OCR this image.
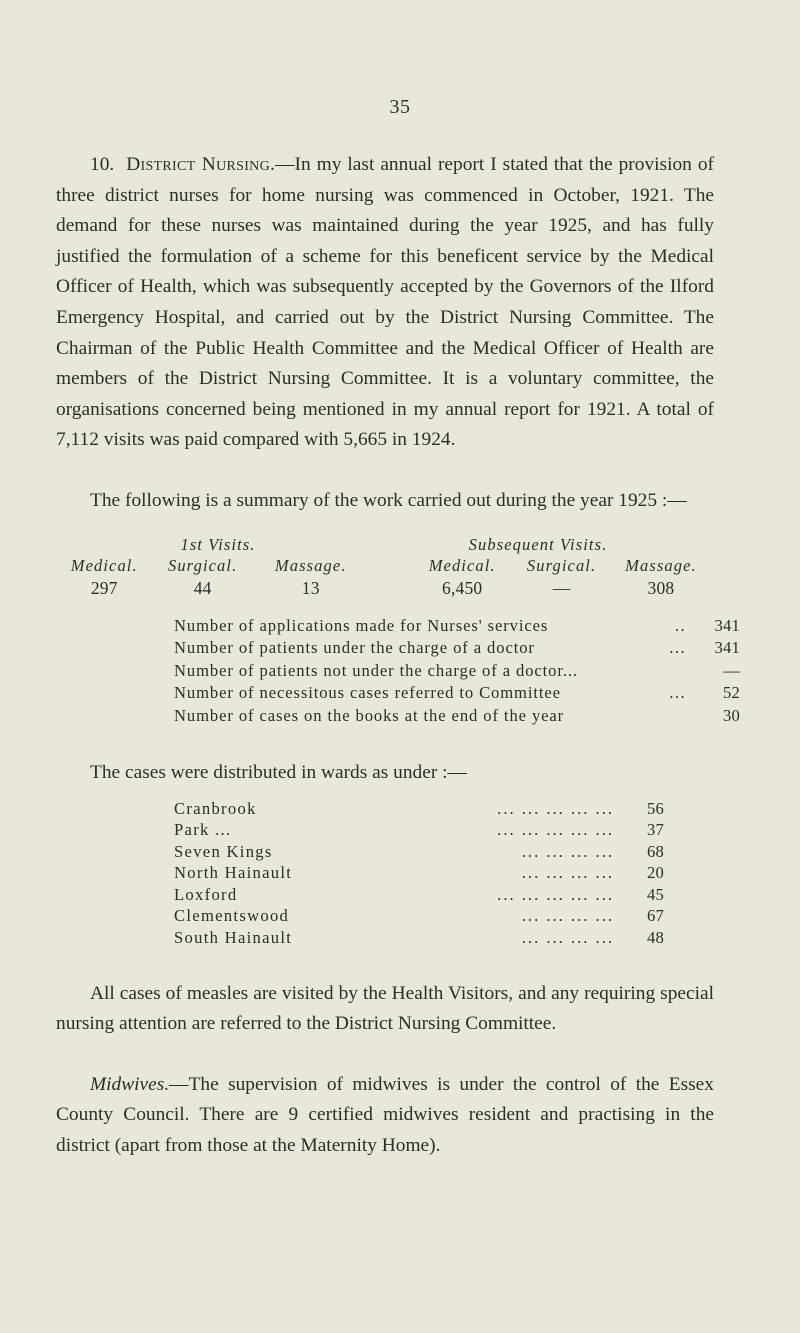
35

10. District Nursing.—In my last annual report I stated that the provision of three district nurses for home nursing was commenced in October, 1921. The demand for these nurses was maintained during the year 1925, and has fully justified the formulation of a scheme for this beneficent service by the Medical Officer of Health, which was subsequently accepted by the Governors of the Ilford Emergency Hospital, and carried out by the District Nursing Committee. The Chairman of the Public Health Committee and the Medical Officer of Health are members of the District Nursing Committee. It is a voluntary committee, the organisations concerned being mentioned in my annual report for 1921. A total of 7,112 visits was paid compared with 5,665 in 1924.

The following is a summary of the work carried out during the year 1925 :—

1st Visits.	Subsequent Visits.
Medical.	Surgical.	Massage.	Medical.	Surgical.	Massage.
297	44	13	6,450	—	308
Number of applications made for Nurses' services	..	341
Number of patients under the charge of a doctor	...	341
Number of patients not under the charge of a doctor...	—
Number of necessitous cases referred to Committee	...	52
Number of cases on the books at the end of the year	30
The cases were distributed in wards as under :—
Cranbrook	... ... ... ... ...	56
Park ...	... ... ... ... ...	37
Seven Kings	... ... ... ...	68
North Hainault	... ... ... ...	20
Loxford	... ... ... ... ...	45
Clementswood	... ... ... ...	67
South Hainault	... ... ... ...	48

All cases of measles are visited by the Health Visitors, and any requiring special nursing attention are referred to the District Nursing Committee.

Midwives.—The supervision of midwives is under the control of the Essex County Council. There are 9 certified midwives resident and practising in the district (apart from those at the Maternity Home).
